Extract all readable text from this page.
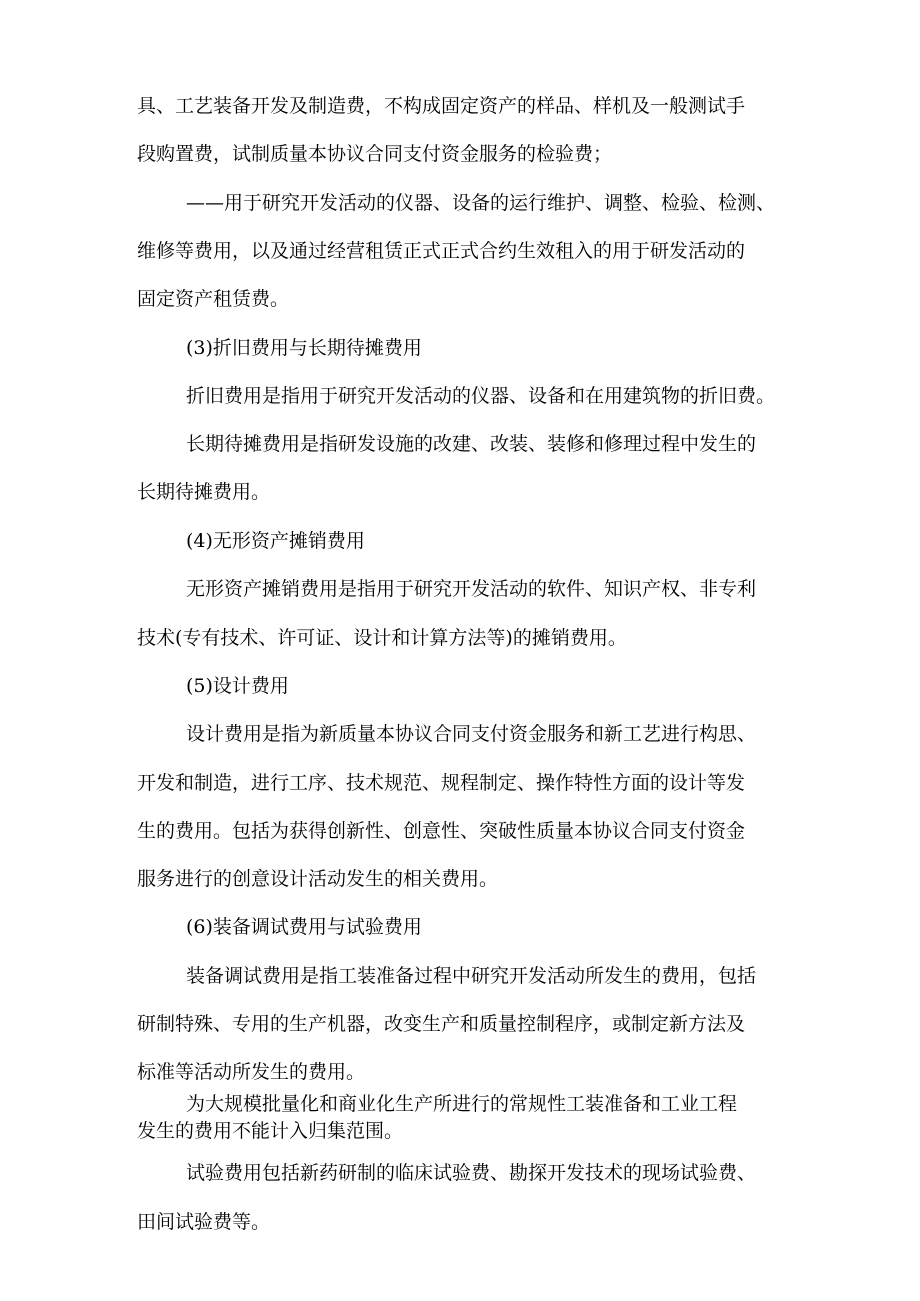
具、工艺装备开发及制造费，不构成固定资产的样品、样机及一般测试手
段购置费，试制质量本协议合同支付资金服务的检验费；
——用于研究开发活动的仪器、设备的运行维护、调整、检验、检测、
维修等费用，以及通过经营租赁正式正式合约生效租入的用于研发活动的
固定资产租赁费。
(3)折旧费用与长期待摊费用
折旧费用是指用于研究开发活动的仪器、设备和在用建筑物的折旧费。
长期待摊费用是指研发设施的改建、改装、装修和修理过程中发生的
长期待摊费用。
(4)无形资产摊销费用
无形资产摊销费用是指用于研究开发活动的软件、知识产权、非专利
技术(专有技术、许可证、设计和计算方法等)的摊销费用。
(5)设计费用
设计费用是指为新质量本协议合同支付资金服务和新工艺进行构思、
开发和制造，进行工序、技术规范、规程制定、操作特性方面的设计等发
生的费用。包括为获得创新性、创意性、突破性质量本协议合同支付资金
服务进行的创意设计活动发生的相关费用。
(6)装备调试费用与试验费用
装备调试费用是指工装准备过程中研究开发活动所发生的费用，包括
研制特殊、专用的生产机器，改变生产和质量控制程序，或制定新方法及
标准等活动所发生的费用。
为大规模批量化和商业化生产所进行的常规性工装准备和工业工程
发生的费用不能计入归集范围。
试验费用包括新药研制的临床试验费、勘探开发技术的现场试验费、
田间试验费等。
